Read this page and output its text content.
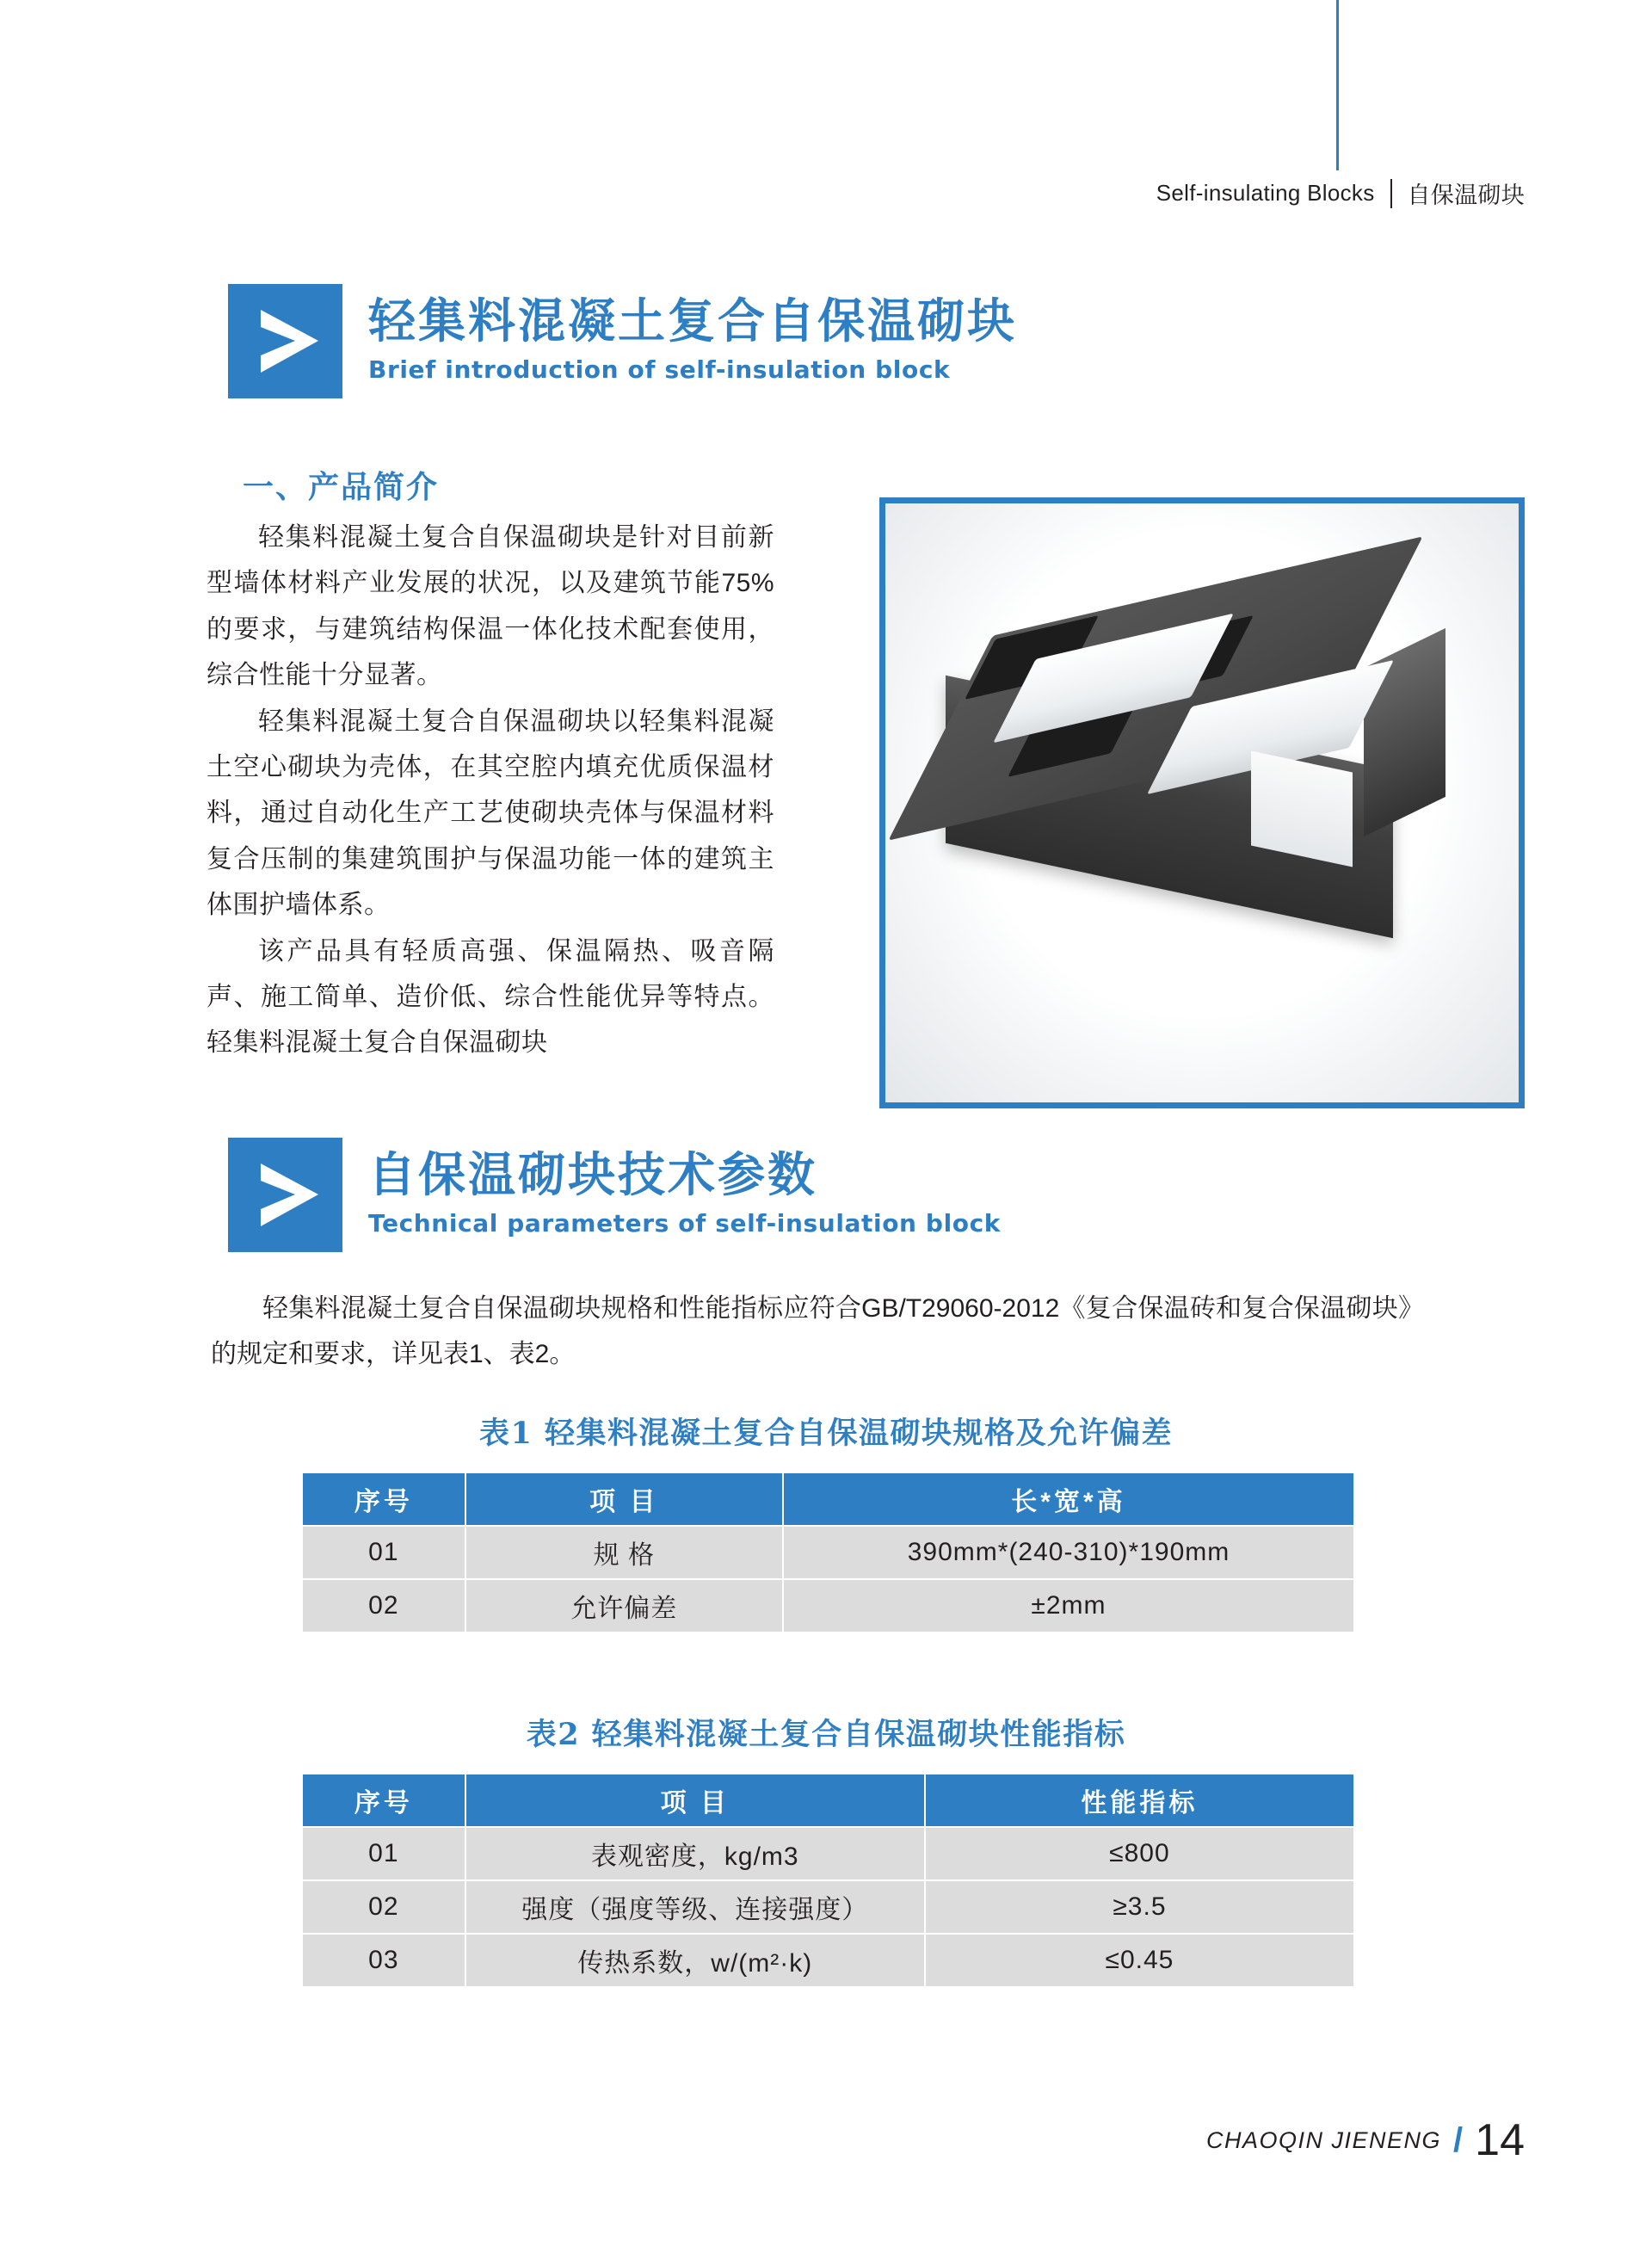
Self-insulating Blocks 自保温砌块
轻集料混凝土复合自保温砌块
Brief introduction of self-insulation block
一、产品简介

轻集料混凝土复合自保温砌块是针对目前新型墙体材料产业发展的状况，以及建筑节能75%的要求，与建筑结构保温一体化技术配套使用，综合性能十分显著。

轻集料混凝土复合自保温砌块以轻集料混凝土空心砌块为壳体，在其空腔内填充优质保温材料，通过自动化生产工艺使砌块壳体与保温材料复合压制的集建筑围护与保温功能一体的建筑主体围护墙体系。

该产品具有轻质高强、保温隔热、吸音隔声、施工简单、造价低、综合性能优异等特点。轻集料混凝土复合自保温砌块

自保温砌块技术参数
Technical parameters of self-insulation block

轻集料混凝土复合自保温砌块规格和性能指标应符合GB/T29060-2012《复合保温砖和复合保温砌块》的规定和要求，详见表1、表2。

表1 轻集料混凝土复合自保温砌块规格及允许偏差
序号	项 目	长*宽*高
01	规 格	390mm*(240-310)*190mm
02	允许偏差	±2mm
表2 轻集料混凝土复合自保温砌块性能指标
序号	项 目	性能指标
01	表观密度，kg/m3	≤800
02	强度（强度等级、连接强度）	≥3.5
03	传热系数，w/(m²·k)	≤0.45
CHAOQIN JIENENG / 14
